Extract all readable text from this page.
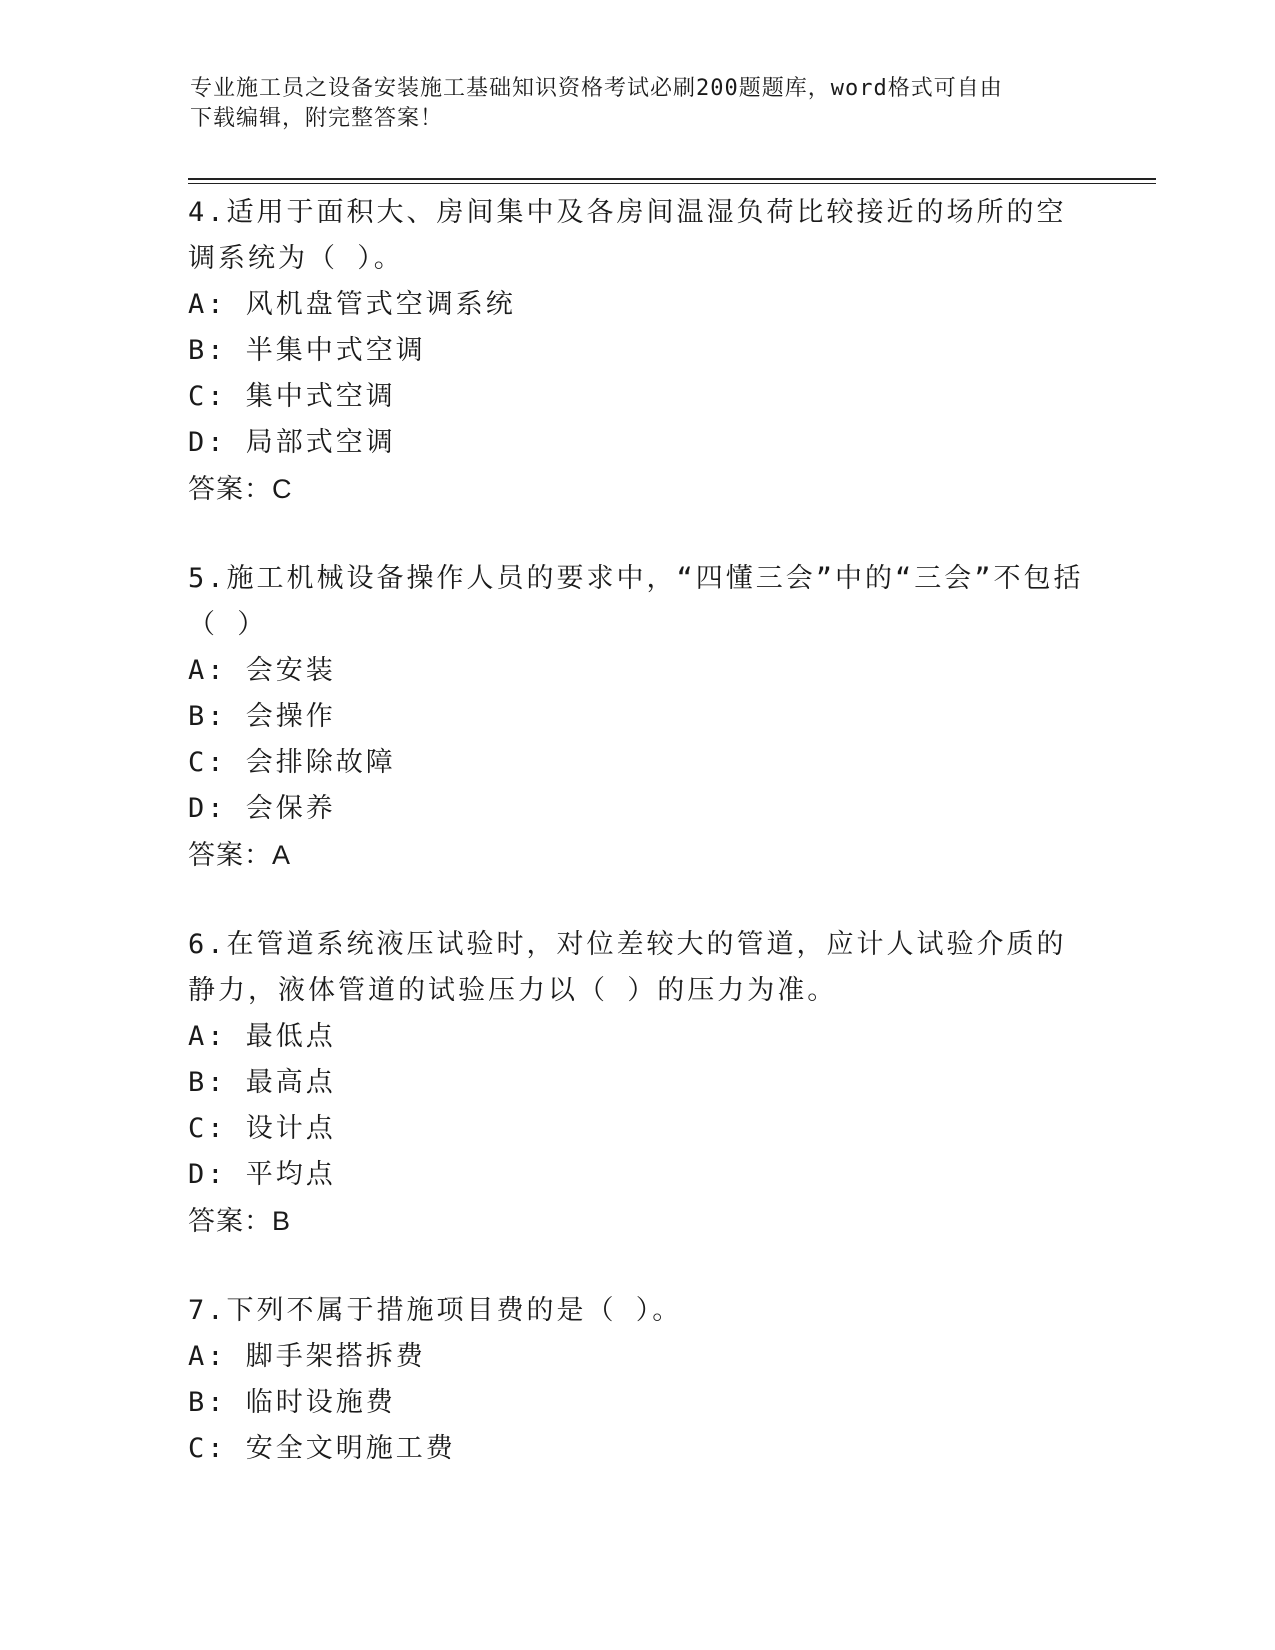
专业施工员之设备安装施工基础知识资格考试必刷200题题库，word格式可自由
下载编辑，附完整答案！

4.适用于面积大、房间集中及各房间温湿负荷比较接近的场所的空调系统为（ ）。

A: 风机盘管式空调系统

B: 半集中式空调

C: 集中式空调

D: 局部式空调

答案：C

5.施工机械设备操作人员的要求中，“四懂三会”中的“三会”不包括（ ）

A: 会安装

B: 会操作

C: 会排除故障

D: 会保养

答案：A

6.在管道系统液压试验时，对位差较大的管道，应计人试验介质的静力，液体管道的试验压力以（ ）的压力为准。

A: 最低点

B: 最高点

C: 设计点

D: 平均点

答案：B

7.下列不属于措施项目费的是（ ）。

A: 脚手架搭拆费

B: 临时设施费

C: 安全文明施工费
